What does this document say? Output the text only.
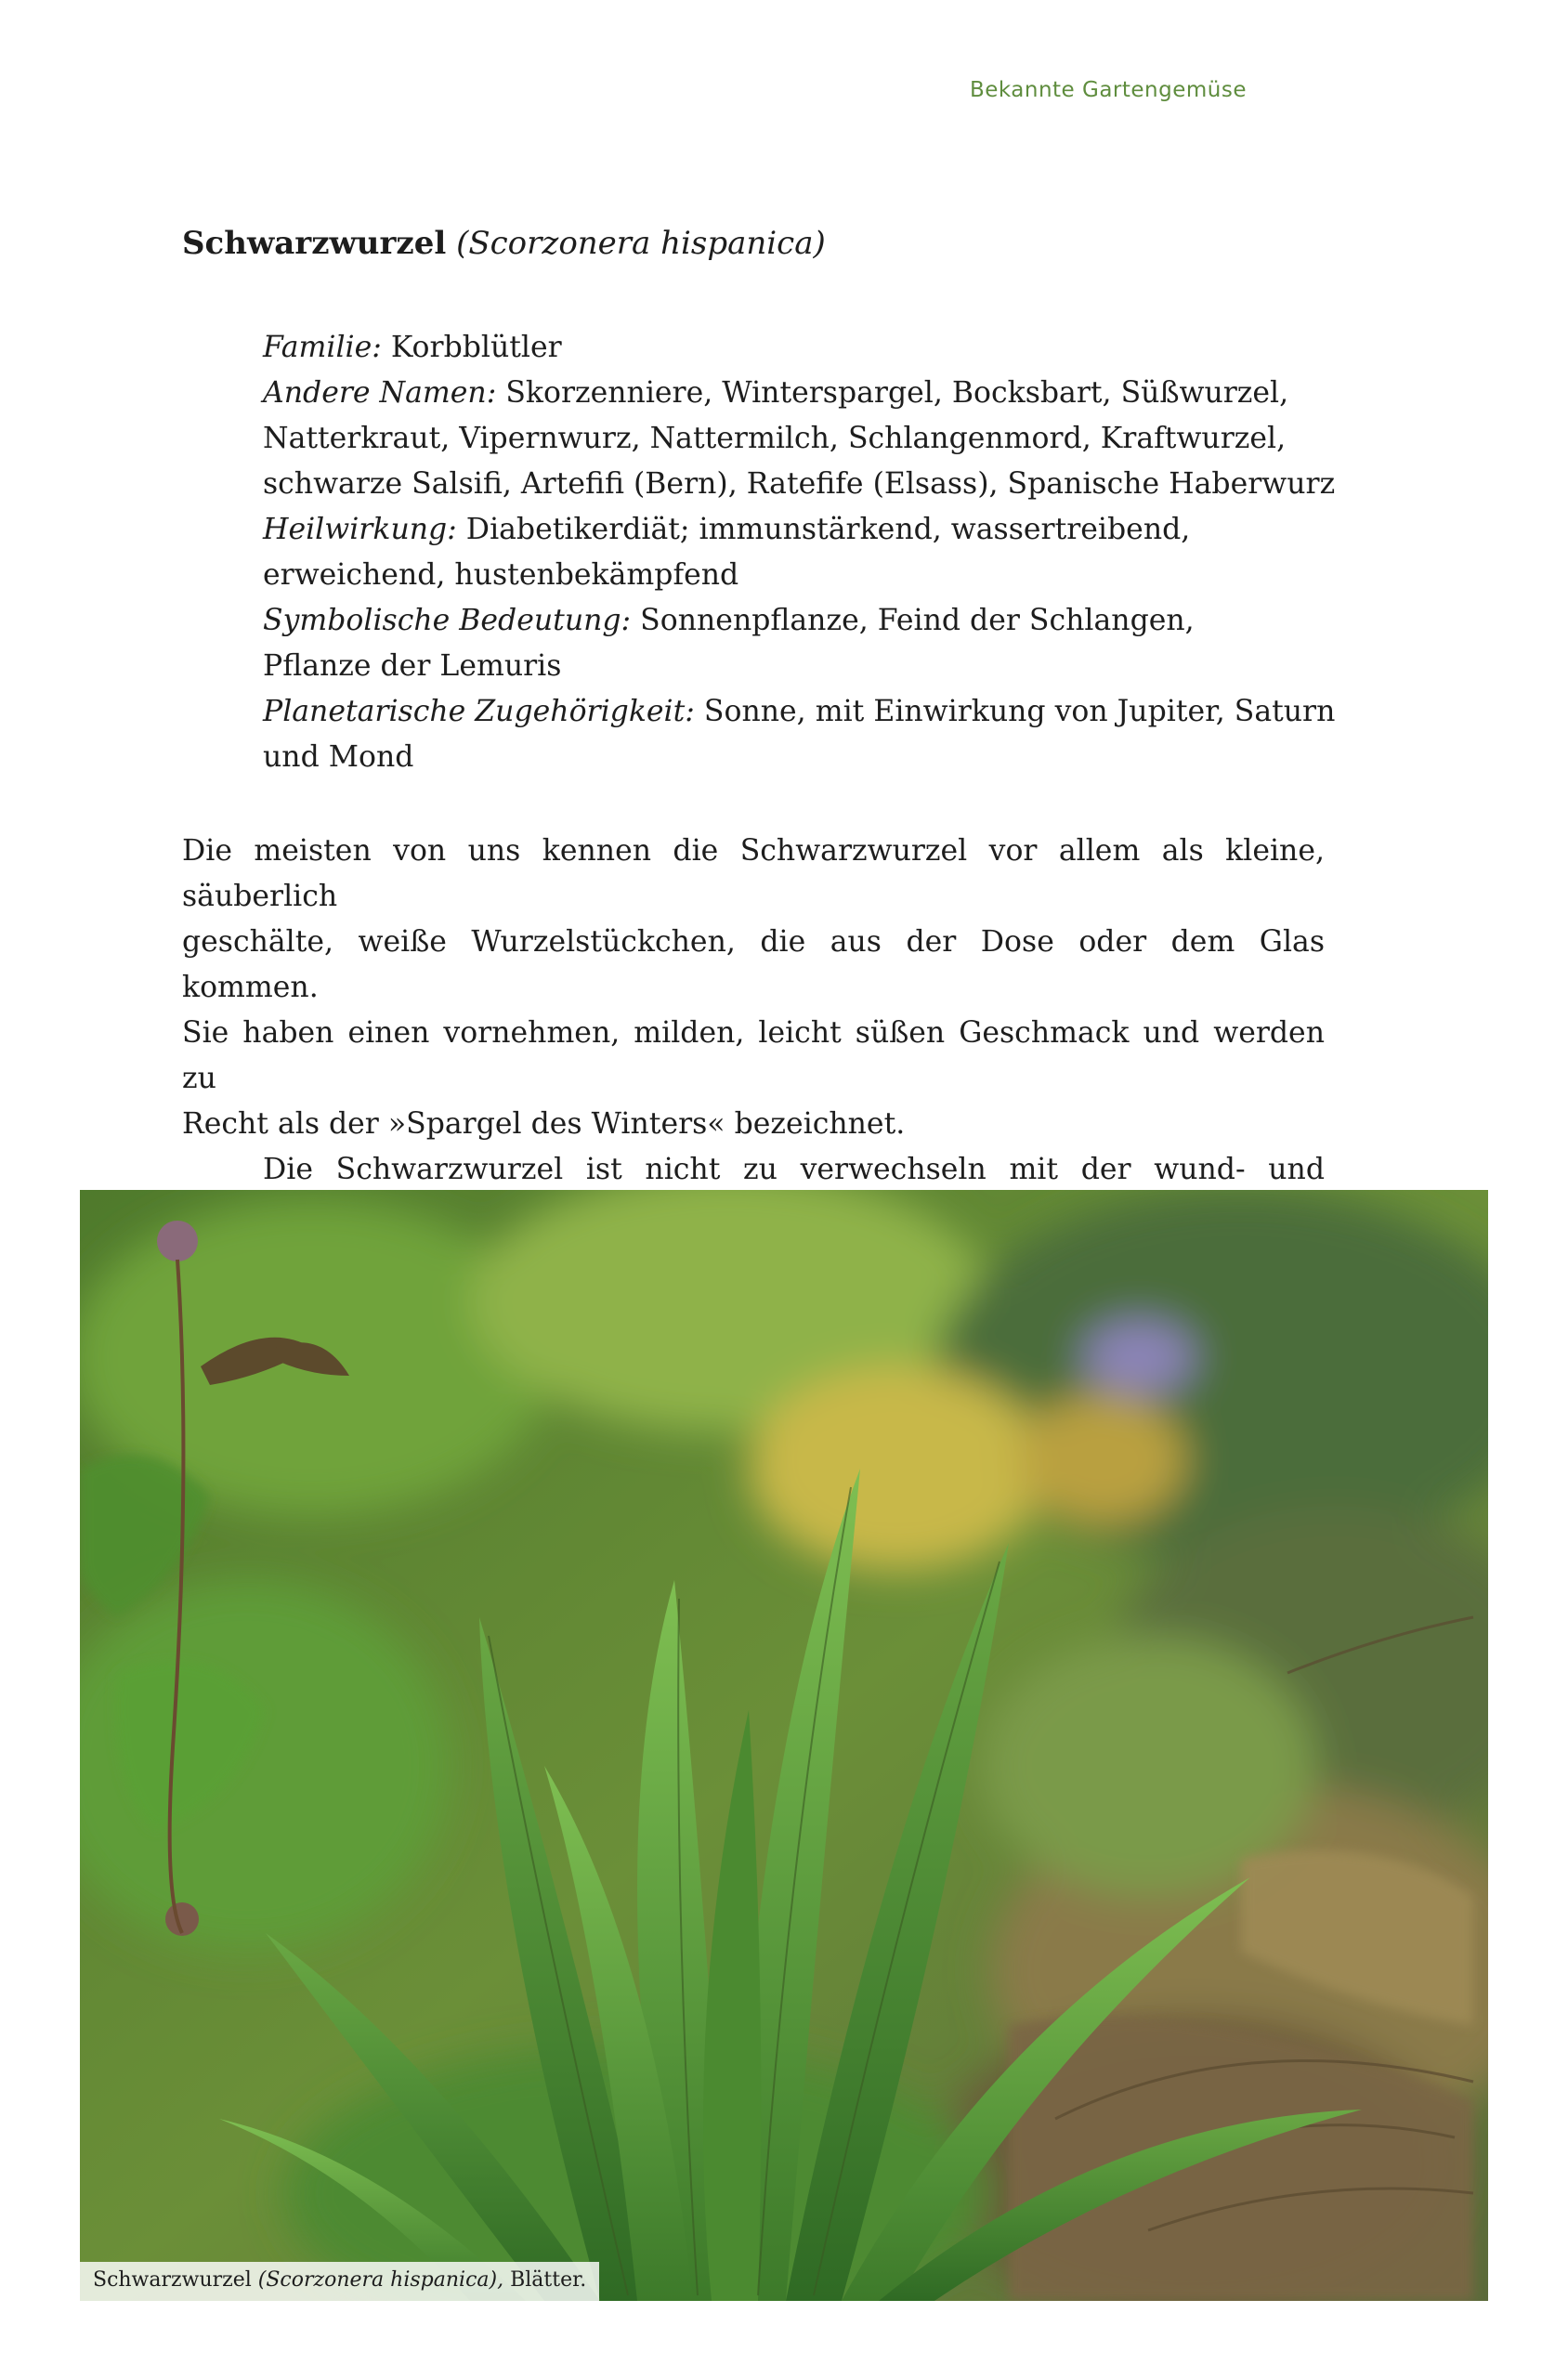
Bekannte Gartengemüse
Schwarzwurzel (Scorzonera hispanica)
Familie: Korbblütler
Andere Namen: Skorzenniere, Winterspargel, Bocksbart, Süßwurzel,
Natterkraut, Vipernwurz, Nattermilch, Schlangenmord, Kraftwurzel,
schwarze Salsifi, Artefifi (Bern), Ratefife (Elsass), Spanische Haberwurz
Heilwirkung: Diabetikerdiät; immunstärkend, wassertreibend,
erweichend, hustenbekämpfend
Symbolische Bedeutung: Sonnenpflanze, Feind der Schlangen,
Pflanze der Lemuris
Planetarische Zugehörigkeit: Sonne, mit Einwirkung von Jupiter, Saturn
und Mond
Die meisten von uns kennen die Schwarzwurzel vor allem als kleine, säuberlich
geschälte, weiße Wurzelstückchen, die aus der Dose oder dem Glas kommen.
Sie haben einen vornehmen, milden, leicht süßen Geschmack und werden zu
Recht als der »Spargel des Winters« bezeichnet.
Die Schwarzwurzel ist nicht zu verwechseln mit der wund- und
Schwarzwurzel (Scorzonera hispanica), Blätter.
